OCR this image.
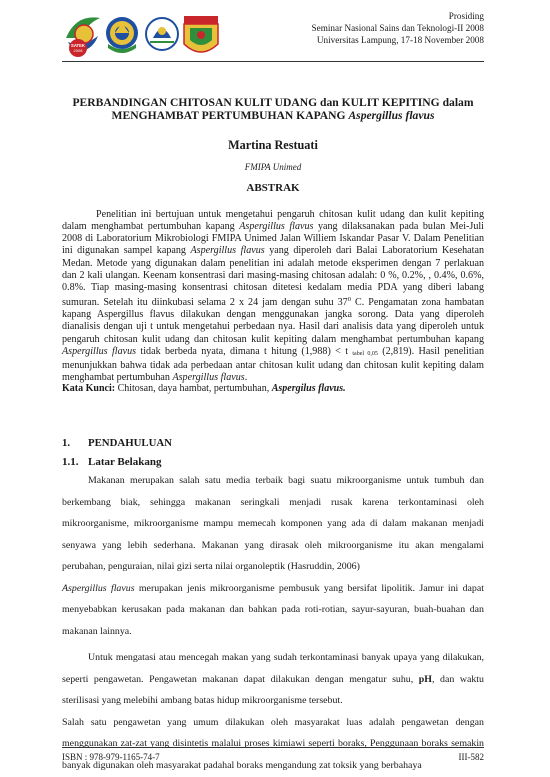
SATEK
2008
Prosiding
Seminar Nasional Sains dan Teknologi-II 2008
Universitas Lampung, 17-18 November 2008
PERBANDINGAN CHITOSAN KULIT UDANG dan KULIT KEPITING dalam
MENGHAMBAT PERTUMBUHAN KAPANG Aspergillus flavus
Martina Restuati
FMIPA Unimed
ABSTRAK

Penelitian ini bertujuan untuk mengetahui pengaruh chitosan kulit udang dan kulit kepiting dalam menghambat pertumbuhan kapang Aspergillus flavus yang dilaksanakan pada bulan Mei-Juli 2008 di Laboratorium Mikrobiologi FMIPA Unimed Jalan Williem Iskandar Pasar V. Dalam Penelitian ini digunakan sampel kapang Aspergillus flavus yang diperoleh dari Balai Laboratorium Kesehatan Medan. Metode yang digunakan dalam penelitian ini adalah metode eksperimen dengan 7 perlakuan dan 2 kali ulangan. Keenam konsentrasi dari masing-masing chitosan adalah: 0 %, 0.2%, , 0.4%, 0.6%, 0.8%. Tiap masing-masing konsentrasi chitosan ditetesi kedalam media PDA yang diberi labang sumuran. Setelah itu diinkubasi selama 2 x 24 jam dengan suhu $37^0$ C. Pengamatan zona hambatan kapang Aspergillus flavus dilakukan dengan menggunakan jangka sorong. Data yang diperoleh dianalisis dengan uji t untuk mengetahui perbedaan nya. Hasil dari analisis data yang diperoleh untuk pengaruh chitosan kulit udang dan chitosan kulit kepiting dalam menghambat pertumbuhan kapang Aspergillus flavus tidak berbeda nyata, dimana t hitung (1,988) < t $_{tabel 0,05}$ (2,819). Hasil penelitian menunjukkan bahwa tidak ada perbedaan antar chitosan kulit udang dan chitosan kulit kepiting dalam menghambat pertumbuhan Aspergillus flavus.

Kata Kunci: Chitosan, daya hambat, pertumbuhan, Aspergilus flavus.
1. PENDAHULUAN
1.1. Latar Belakang

Makanan merupakan salah satu media terbaik bagi suatu mikroorganisme untuk tumbuh dan berkembang biak, sehingga makanan seringkali menjadi rusak karena terkontaminasi oleh mikroorganisme, mikroorganisme mampu memecah komponen yang ada di dalam makanan menjadi senyawa yang lebih sederhana. Makanan yang dirasak oleh mikroorganisme itu akan mengalami perubahan, penguraian, nilai gizi serta nilai organoleptik (Hasruddin, 2006)

Aspergillus flavus merupakan jenis mikroorganisme pembusuk yang bersifat lipolitik. Jamur ini dapat menyebabkan kerusakan pada makanan dan bahkan pada roti-rotian, sayur-sayuran, buah-buahan dan makanan lainnya.

Untuk mengatasi atau mencegah makan yang sudah terkontaminasi banyak upaya yang dilakukan, seperti pengawetan. Pengawetan makanan dapat dilakukan dengan mengatur suhu, pH, dan waktu sterilisasi yang melebihi ambang batas hidup mikroorganisme tersebut.

Salah satu pengawetan yang umum dilakukan oleh masyarakat luas adalah pengawetan dengan menggunakan zat-zat yang disintetis malalui proses kimiawi seperti boraks, Penggunaan boraks semakin banyak digunakan oleh masyarakat padahal boraks mengandung zat toksik yang berbahaya

ISBN : 978-979-1165-74-7	III-582
